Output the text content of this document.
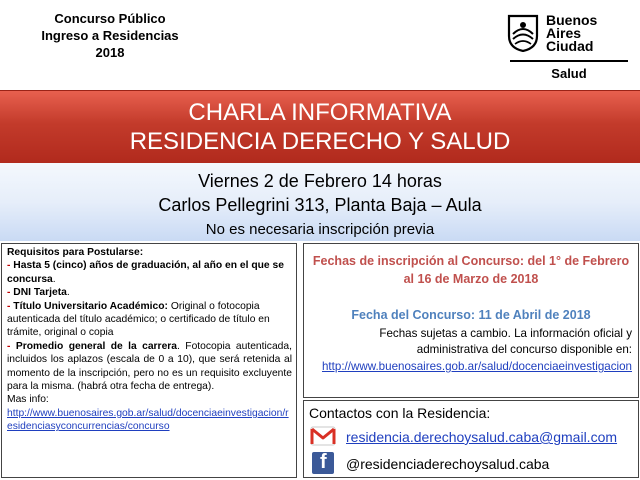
Concurso Público
Ingreso a Residencias
2018
Buenos
Aires
Ciudad
Salud
CHARLA INFORMATIVA
RESIDENCIA DERECHO Y SALUD
Viernes 2 de Febrero 14 horas
Carlos Pellegrini 313, Planta Baja – Aula
No es necesaria inscripción previa

Requisitos para Postularse:

- Hasta 5 (cinco) años de graduación, al año en el que se concursa.

- DNI Tarjeta.

- Título Universitario Académico: Original o fotocopia autenticada del título académico; o certificado de título en trámite, original o copia

- Promedio general de la carrera. Fotocopia autenticada, incluidos los aplazos (escala de 0 a 10), que será retenida al momento de la inscripción, pero no es un requisito excluyente para la misma. (habrá otra fecha de entrega).

Mas info:

http://www.buenosaires.gob.ar/salud/docenciaeinvestigacion/residenciasyconcurrencias/concurso

Fechas de inscripción al Concurso: del 1° de Febrero al 16 de Marzo de 2018
Fecha del Concurso: 11 de Abril de 2018
Fechas sujetas a cambio. La información oficial y administrativa del concurso disponible en:
http://www.buenosaires.gob.ar/salud/docenciaeinvestigacion
Contactos con la Residencia:
residencia.derechoysalud.caba@gmail.com
f @residenciaderechoysalud.caba
